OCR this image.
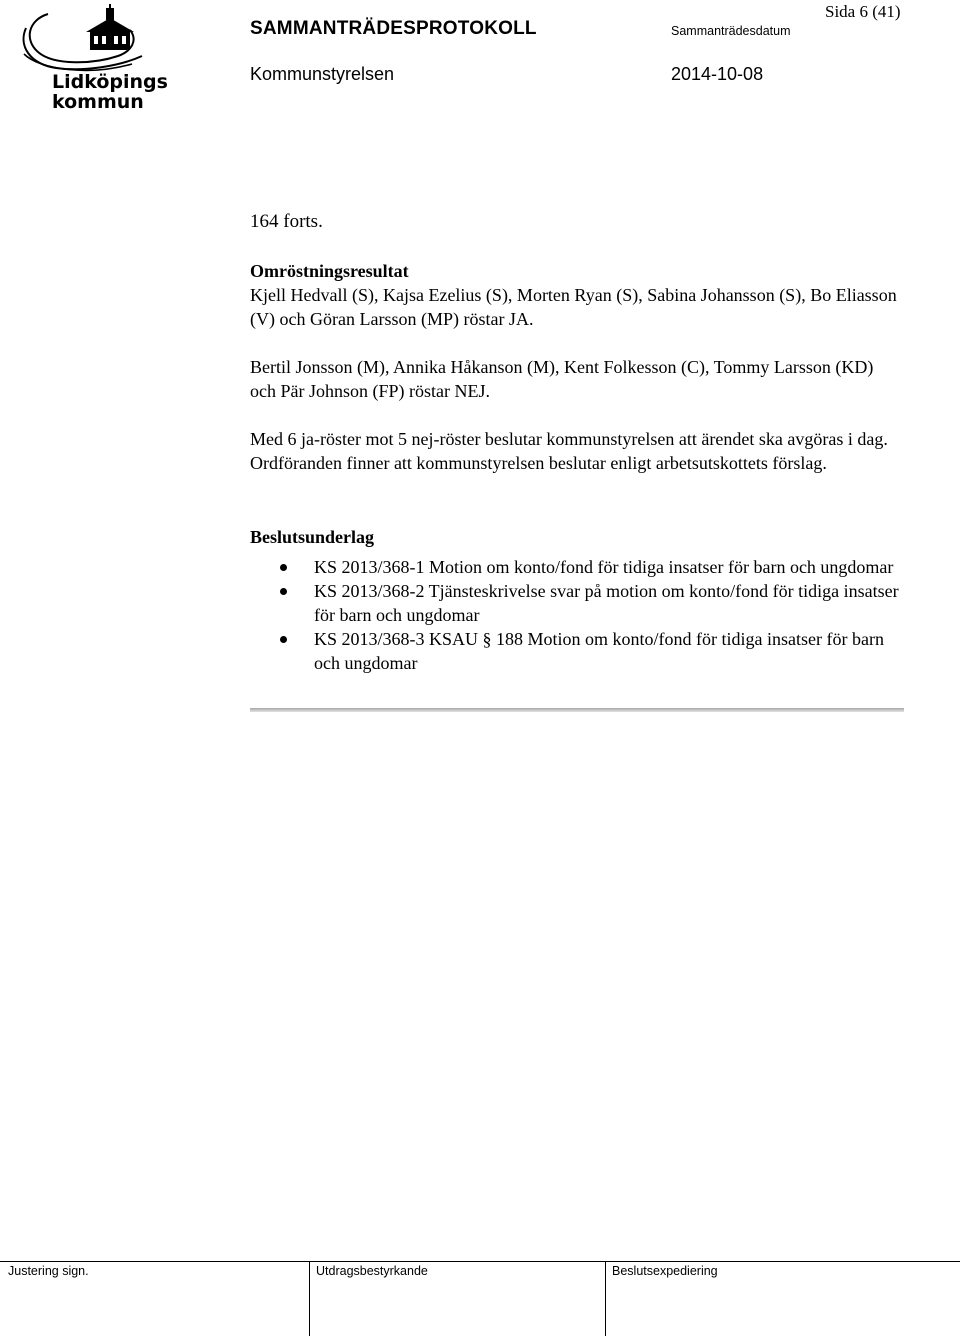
Lidköpings
kommun
SAMMANTRÄDESPROTOKOLL	Sammanträdesdatum
Sida 6 (41)
Kommunstyrelsen	2014-10-08
164 forts.
Omröstningsresultat

Kjell Hedvall (S), Kajsa Ezelius (S), Morten Ryan (S), Sabina Johansson (S), Bo Eliasson (V) och Göran Larsson (MP) röstar JA.

Bertil Jonsson (M), Annika Håkanson (M), Kent Folkesson (C), Tommy Larsson (KD) och Pär Johnson (FP) röstar NEJ.

Med 6 ja-röster mot 5 nej-röster beslutar kommunstyrelsen att ärendet ska avgöras i dag. Ordföranden finner att kommunstyrelsen beslutar enligt arbetsutskottets förslag.

Beslutsunderlag
KS 2013/368-1 Motion om konto/fond för tidiga insatser för barn och ungdomar
KS 2013/368-2 Tjänsteskrivelse svar på motion om konto/fond för tidiga insatser för barn och ungdomar
KS 2013/368-3 KSAU § 188 Motion om konto/fond för tidiga insatser för barn och ungdomar
Justering sign.	Utdragsbestyrkande	Beslutsexpediering
